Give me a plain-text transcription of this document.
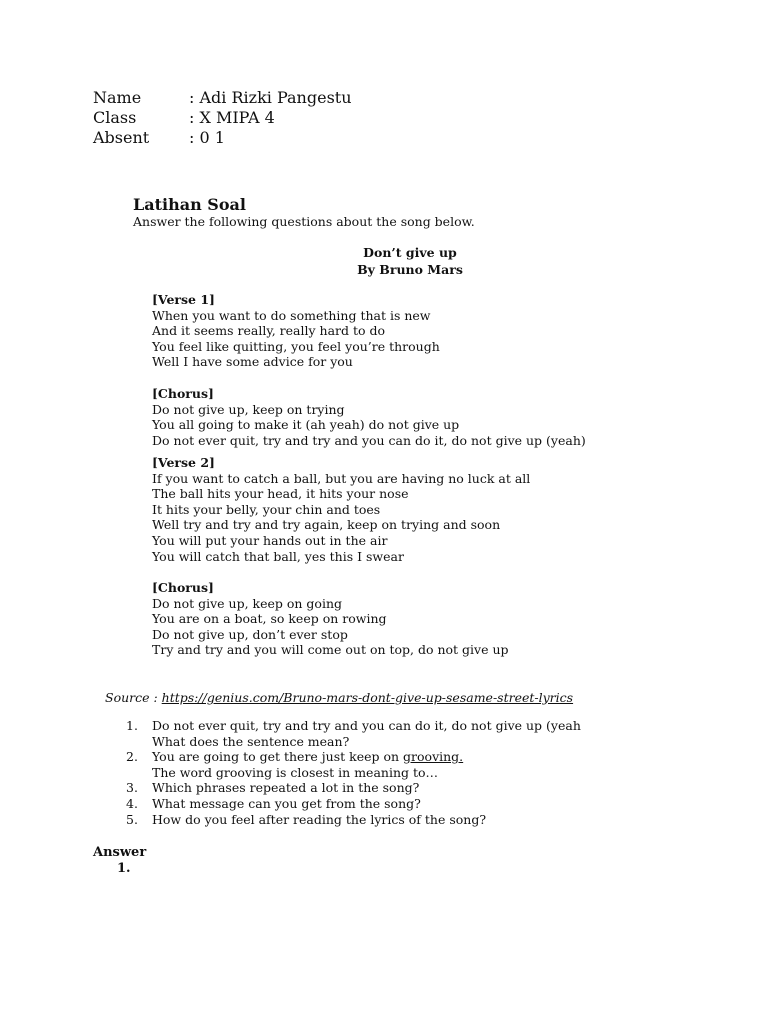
Name	: Adi Rizki Pangestu
Class	: X MIPA 4
Absent	: 0 1
Latihan Soal
Answer the following questions about the song below.
Don’t give up
By Bruno Mars
[Verse 1]
When you want to do something that is new
And it seems really, really hard to do
You feel like quitting, you feel you’re through
Well I have some advice for you
[Chorus]
Do not give up, keep on trying
You all going to make it (ah yeah) do not give up
Do not ever quit, try and try and you can do it, do not give up (yeah)
[Verse 2]
If you want to catch a ball, but you are having no luck at all
The ball hits your head, it hits your nose
It hits your belly, your chin and toes
Well try and try and try again, keep on trying and soon
You will put your hands out in the air
You will catch that ball, yes this I swear
[Chorus]
Do not give up, keep on going
You are on a boat, so keep on rowing
Do not give up, don’t ever stop
Try and try and you will come out on top, do not give up
Source : https://genius.com/Bruno-mars-dont-give-up-sesame-street-lyrics
1.	Do not ever quit, try and try and you can do it, do not give up (yeah
What does the sentence mean?
2.	You are going to get there just keep on grooving.
The word grooving is closest in meaning to…
3.	Which phrases repeated a lot in the song?
4.	What message can you get from the song?
5.	How do you feel after reading the lyrics of the song?
Answer
1.
